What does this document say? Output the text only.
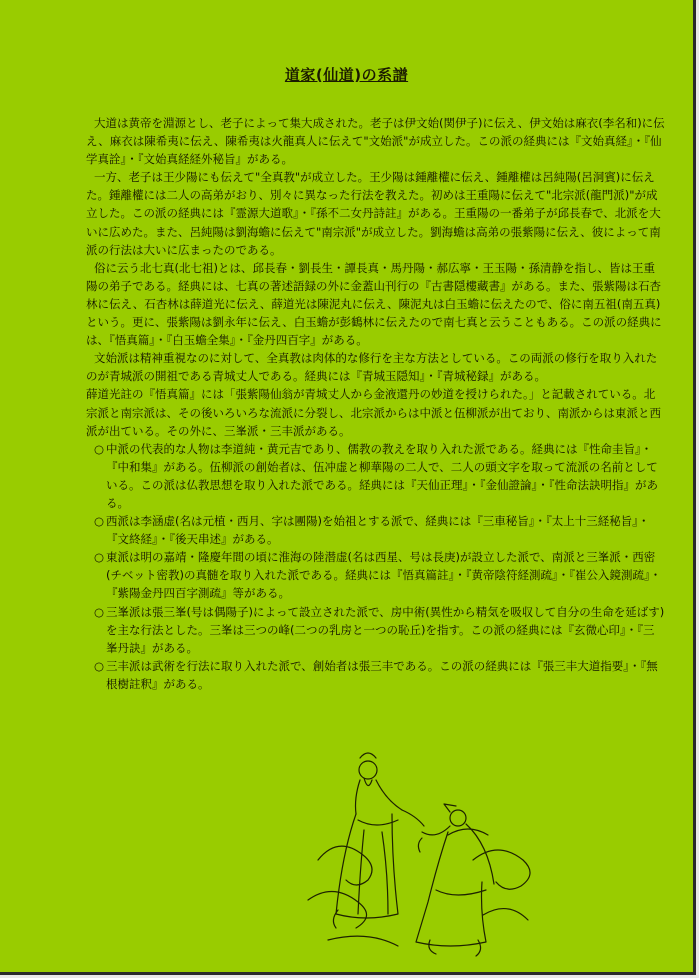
道家(仙道)の系譜

大道は黄帝を淵源とし、老子によって集大成された。老子は伊文始(関伊子)に伝え、伊文始は麻衣(李名和)に伝え、麻衣は陳希夷に伝え、陳希夷は火龍真人に伝えて"文始派"が成立した。この派の経典には『文始真経』・『仙学真詮』・『文始真経経外秘旨』がある。

一方、老子は王少陽にも伝えて"全真教"が成立した。王少陽は鍾離權に伝え、鍾離權は呂純陽(呂洞賓)に伝えた。鍾離權には二人の高弟がおり、別々に異なった行法を教えた。初めは王重陽に伝えて"北宗派(龍門派)"が成立した。この派の経典には『霊源大道歌』・『孫不二女丹詩註』がある。王重陽の一番弟子が邱長春で、北派を大いに広めた。また、呂純陽は劉海蟾に伝えて"南宗派"が成立した。劉海蟾は高弟の張紫陽に伝え、彼によって南派の行法は大いに広まったのである。

俗に云う北七真(北七祖)とは、邱長春・劉長生・譚長真・馬丹陽・郝広寧・王玉陽・孫清静を指し、皆は王重陽の弟子である。経典には、七真の著述語録の外に金蓋山刊行の『古書隠樓藏書』がある。また、張紫陽は石杏林に伝え、石杏林は薛道光に伝え、薛道光は陳泥丸に伝え、陳泥丸は白玉蟾に伝えたので、俗に南五祖(南五真)という。更に、張紫陽は劉永年に伝え、白玉蟾が彭鶴林に伝えたので南七真と云うこともある。この派の経典には、『悟真篇』・『白玉蟾全集』・『金丹四百字』がある。

文始派は精神重視なのに対して、全真教は肉体的な修行を主な方法としている。この両派の修行を取り入れたのが青城派の開祖である青城丈人である。経典には『青城玉隠知』・『青城秘録』がある。

薛道光註の『悟真篇』には「張紫陽仙翁が青城丈人から金液還丹の妙道を授けられた。」と記載されている。北宗派と南宗派は、その後いろいろな流派に分裂し、北宗派からは中派と伍柳派が出ており、南派からは東派と西派が出ている。その外に、三峯派・三丰派がある。

○ 中派の代表的な人物は李道純・黄元吉であり、儒教の教えを取り入れた派である。経典には『性命圭旨』・『中和集』がある。伍柳派の創始者は、伍冲虚と柳華陽の二人で、二人の頭文字を取って流派の名前としている。この派は仏教思想を取り入れた派である。経典には『天仙正理』・『金仙證論』・『性命法訣明指』がある。
○ 西派は李涵虚(名は元植・西月、字は團陽)を始祖とする派で、経典には『三車秘旨』・『太上十三経秘旨』・『文終経』・『後天串述』がある。
○ 東派は明の嘉靖・隆慶年間の頃に淮海の陸潜虚(名は西星、号は長庚)が設立した派で、南派と三峯派・西密(チベット密教)の真髄を取り入れた派である。経典には『悟真篇註』・『黄帝陰符経測疏』・『崔公入鏡測疏』・『紫陽金丹四百字測疏』等がある。
○ 三峯派は張三峯(号は偶陽子)によって設立された派で、房中術(異性から精気を吸収して自分の生命を延ばす)を主な行法とした。三峯は三つの峰(二つの乳房と一つの恥丘)を指す。この派の経典には『玄微心印』・『三峯丹訣』がある。
○ 三丰派は武術を行法に取り入れた派で、創始者は張三丰である。この派の経典には『張三丰大道指要』・『無根樹註釈』がある。
